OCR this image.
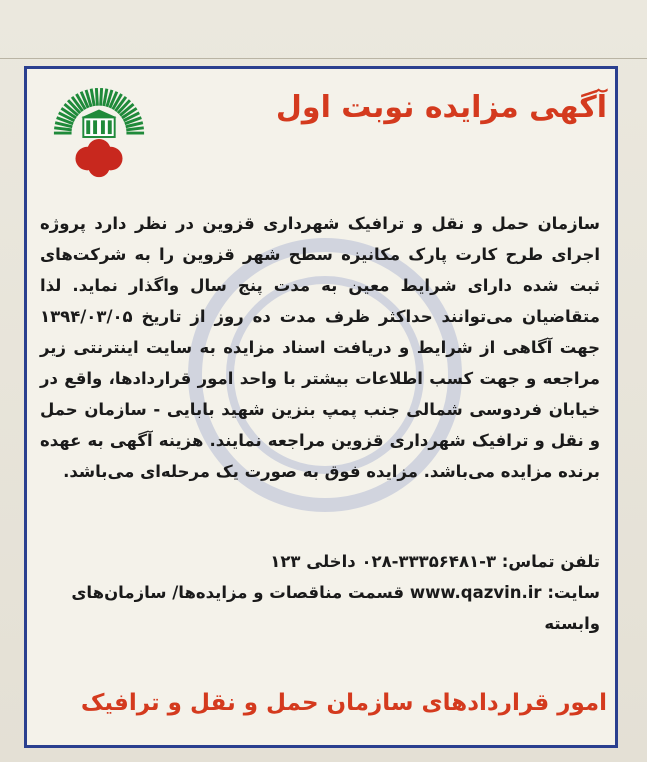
آگهی مزایده نوبت اول

سازمان حمل و نقل و ترافیک شهرداری قزوین در نظر دارد پروژه اجرای طرح کارت پارک مکانیزه سطح شهر قزوین را به شرکت‌های ثبت شده دارای شرایط معین به مدت پنج سال واگذار نماید. لذا متقاضیان می‌توانند حداکثر ظرف مدت ده روز از تاریخ ۱۳۹۴/۰۳/۰۵ جهت آگاهی از شرایط و دریافت اسناد مزایده به سایت اینترنتی زیر مراجعه و جهت کسب اطلاعات بیشتر با واحد امور قراردادها، واقع در خیابان فردوسی شمالی جنب پمپ بنزین شهید بابایی - سازمان حمل و نقل و ترافیک شهرداری قزوین مراجعه نمایند. هزینه آگهی به عهده برنده مزایده می‌باشد. مزایده فوق به صورت یک مرحله‌ای می‌باشد.

تلفن تماس: ۳-۳۳۳۵۶۴۸۱-۰۲۸ داخلی ۱۲۳

سایت: www.qazvin.ir قسمت مناقصات و مزایده‌ها/ سازمان‌های وابسته

امور قراردادهای سازمان حمل و نقل و ترافیک
